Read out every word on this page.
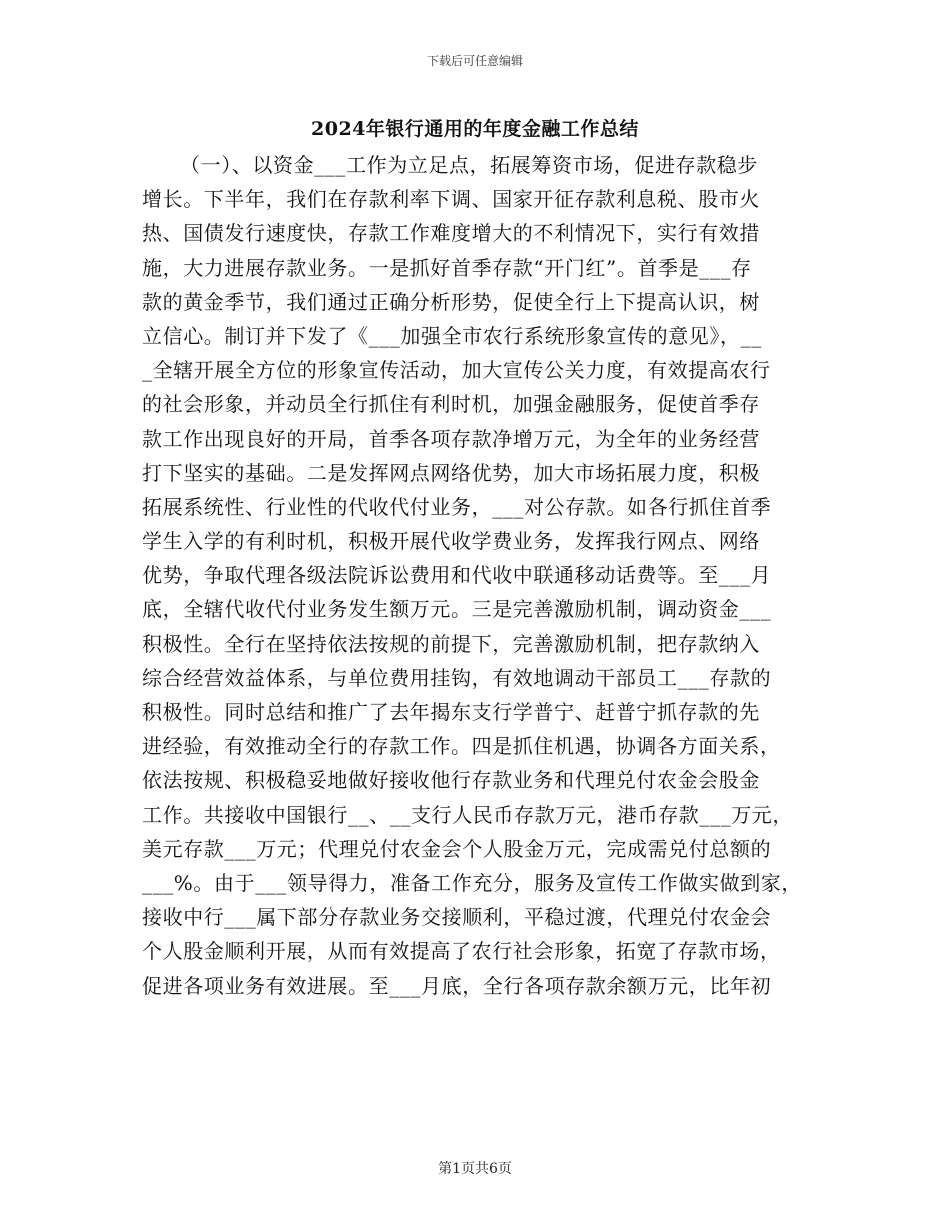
下载后可任意编辑
2024年银行通用的年度金融工作总结
（一）、以资金___工作为立足点，拓展筹资市场，促进存款稳步
增长。下半年，我们在存款利率下调、国家开征存款利息税、股市火
热、国债发行速度快，存款工作难度增大的不利情况下，实行有效措
施，大力进展存款业务。一是抓好首季存款“开门红”。首季是___存
款的黄金季节，我们通过正确分析形势，促使全行上下提高认识，树
立信心。制订并下发了《___加强全市农行系统形象宣传的意见》，__
_全辖开展全方位的形象宣传活动，加大宣传公关力度，有效提高农行
的社会形象，并动员全行抓住有利时机，加强金融服务，促使首季存
款工作出现良好的开局，首季各项存款净增万元，为全年的业务经营
打下坚实的基础。二是发挥网点网络优势，加大市场拓展力度，积极
拓展系统性、行业性的代收代付业务，___对公存款。如各行抓住首季
学生入学的有利时机，积极开展代收学费业务，发挥我行网点、网络
优势，争取代理各级法院诉讼费用和代收中联通移动话费等。至___月
底，全辖代收代付业务发生额万元。三是完善激励机制，调动资金___
积极性。全行在坚持依法按规的前提下，完善激励机制，把存款纳入
综合经营效益体系，与单位费用挂钩，有效地调动干部员工___存款的
积极性。同时总结和推广了去年揭东支行学普宁、赶普宁抓存款的先
进经验，有效推动全行的存款工作。四是抓住机遇，协调各方面关系，
依法按规、积极稳妥地做好接收他行存款业务和代理兑付农金会股金
工作。共接收中国银行__、__支行人民币存款万元，港币存款___万元，
美元存款___万元；代理兑付农金会个人股金万元，完成需兑付总额的
___%。由于___领导得力，准备工作充分，服务及宣传工作做实做到家，
接收中行___属下部分存款业务交接顺利，平稳过渡，代理兑付农金会
个人股金顺利开展，从而有效提高了农行社会形象，拓宽了存款市场，
促进各项业务有效进展。至___月底，全行各项存款余额万元，比年初
第1页共6页
